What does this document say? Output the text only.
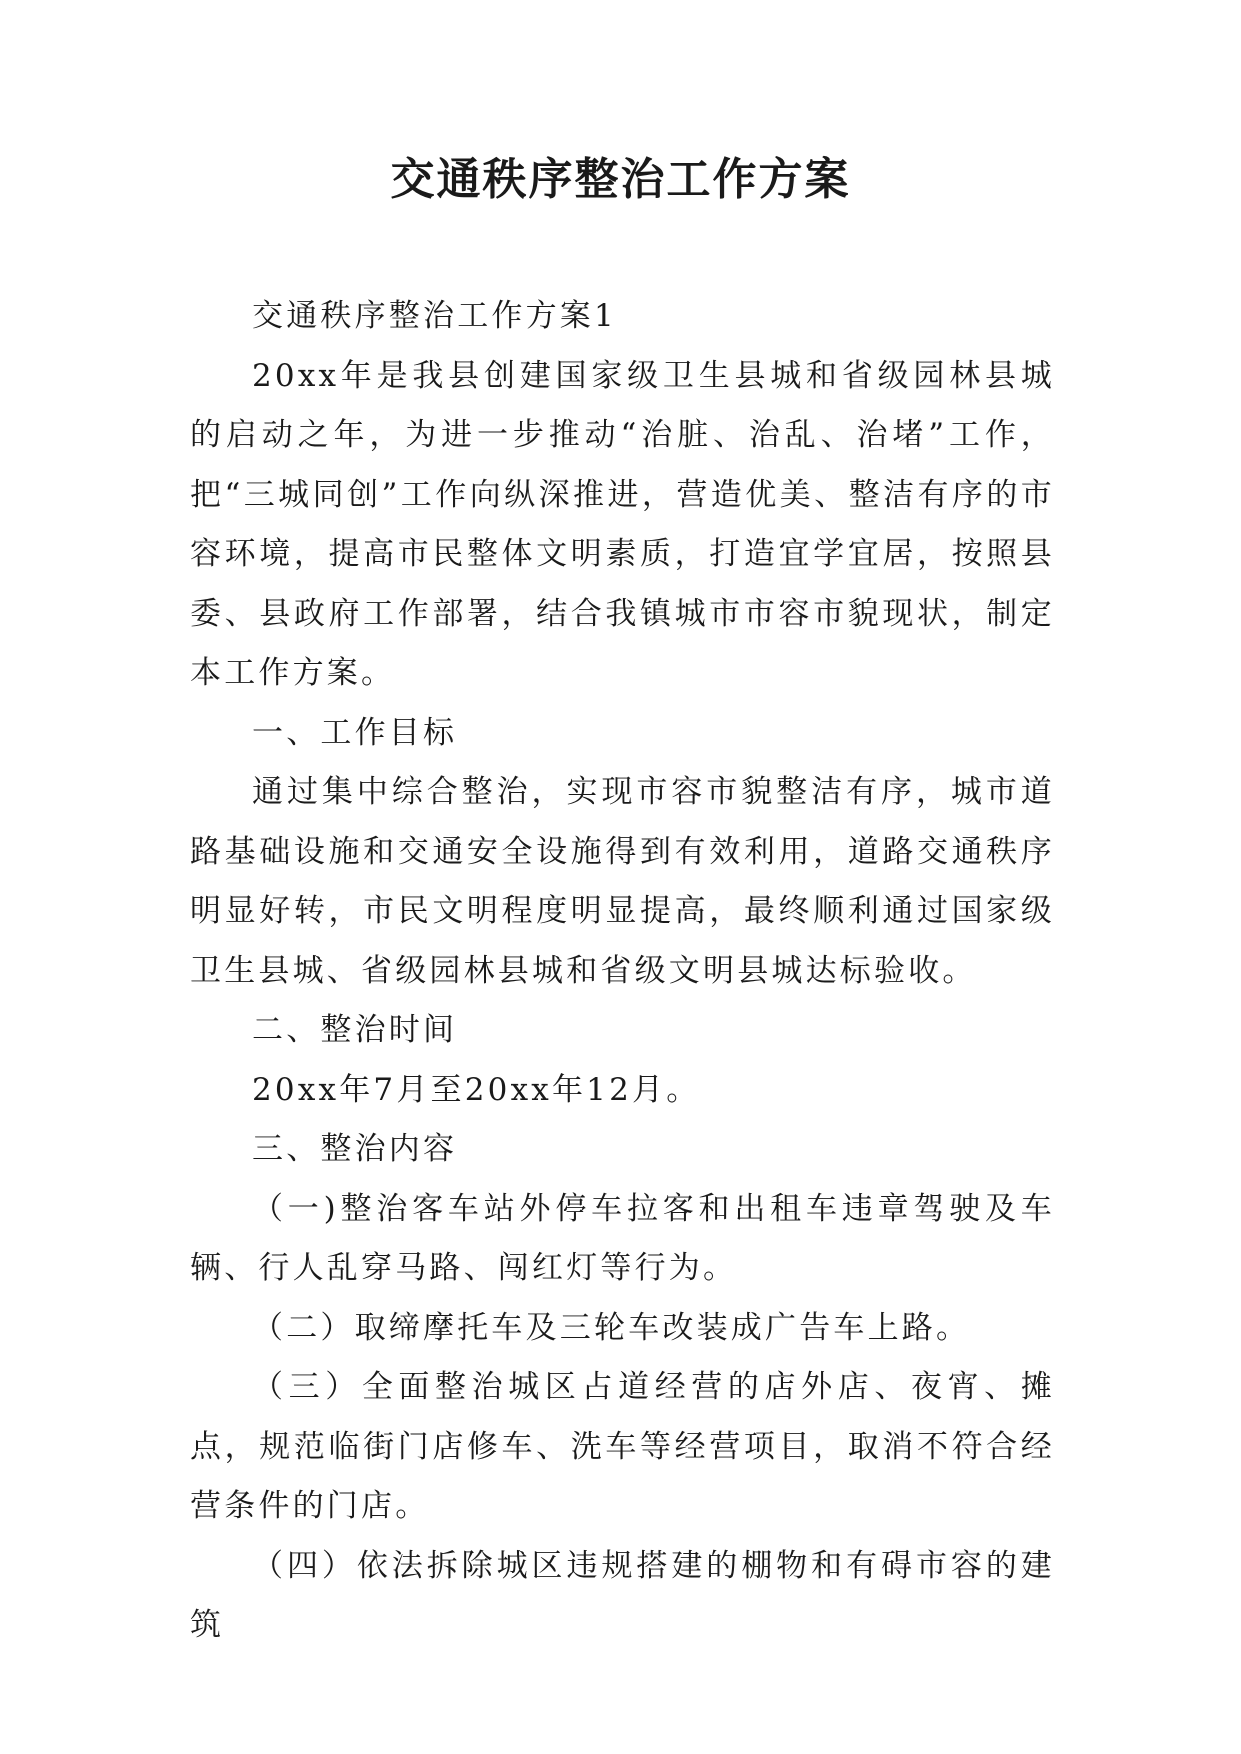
交通秩序整治工作方案

交通秩序整治工作方案1

20xx年是我县创建国家级卫生县城和省级园林县城的启动之年，为进一步推动“治脏、治乱、治堵”工作，把“三城同创”工作向纵深推进，营造优美、整洁有序的市容环境，提高市民整体文明素质，打造宜学宜居，按照县委、县政府工作部署，结合我镇城市市容市貌现状，制定本工作方案。

一、工作目标

通过集中综合整治，实现市容市貌整洁有序，城市道路基础设施和交通安全设施得到有效利用，道路交通秩序明显好转，市民文明程度明显提高，最终顺利通过国家级卫生县城、省级园林县城和省级文明县城达标验收。

二、整治时间

20xx年7月至20xx年12月。

三、整治内容

（一)整治客车站外停车拉客和出租车违章驾驶及车辆、行人乱穿马路、闯红灯等行为。

（二）取缔摩托车及三轮车改装成广告车上路。

（三）全面整治城区占道经营的店外店、夜宵、摊点，规范临街门店修车、洗车等经营项目，取消不符合经营条件的门店。

（四）依法拆除城区违规搭建的棚物和有碍市容的建筑
